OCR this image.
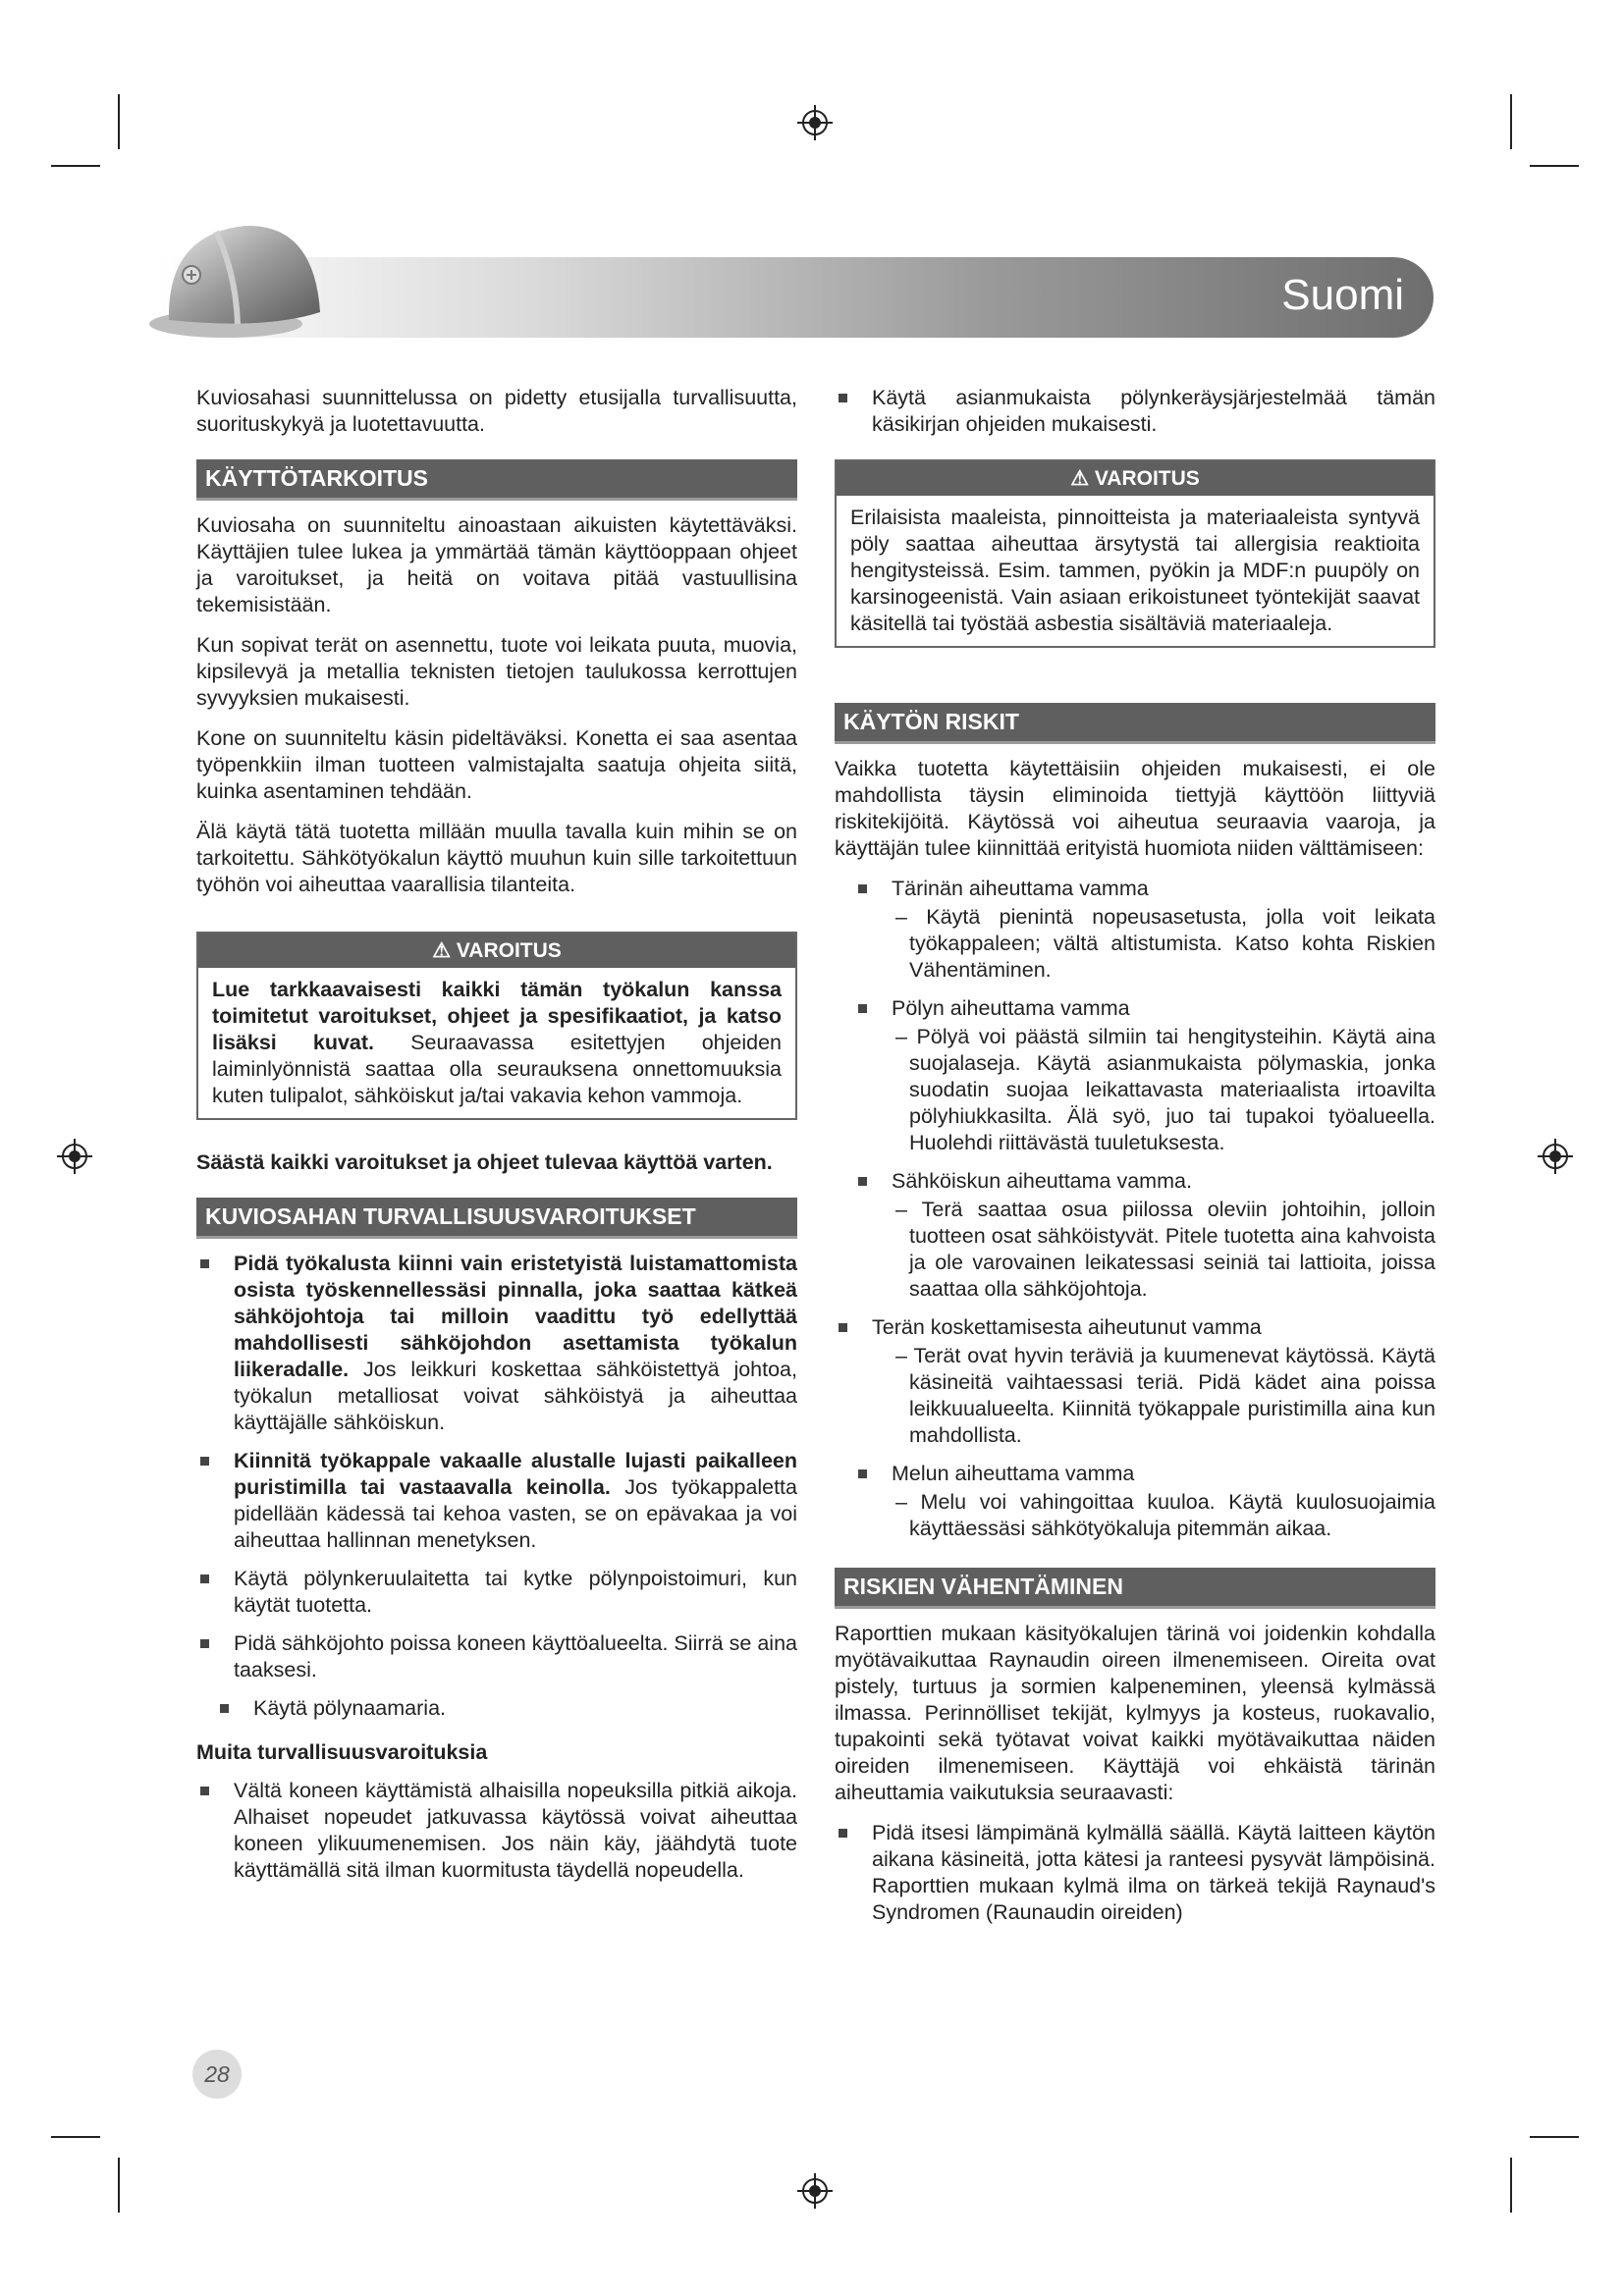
Suomi

Kuviosahasi suunnittelussa on pidetty etusijalla turvallisuutta, suorituskykyä ja luotettavuutta.

KÄYTTÖTARKOITUS

Kuviosaha on suunniteltu ainoastaan aikuisten käytettäväksi. Käyttäjien tulee lukea ja ymmärtää tämän käyttöoppaan ohjeet ja varoitukset, ja heitä on voitava pitää vastuullisina tekemisistään.

Kun sopivat terät on asennettu, tuote voi leikata puuta, muovia, kipsilevyä ja metallia teknisten tietojen taulukossa kerrottujen syvyyksien mukaisesti.

Kone on suunniteltu käsin pideltäväksi. Konetta ei saa asentaa työpenkkiin ilman tuotteen valmistajalta saatuja ohjeita siitä, kuinka asentaminen tehdään.

Älä käytä tätä tuotetta millään muulla tavalla kuin mihin se on tarkoitettu. Sähkötyökalun käyttö muuhun kuin sille tarkoitettuun työhön voi aiheuttaa vaarallisia tilanteita.

⚠ VAROITUS
Lue tarkkaavaisesti kaikki tämän työkalun kanssa toimitetut varoitukset, ohjeet ja spesifikaatiot, ja katso lisäksi kuvat. Seuraavassa esitettyjen ohjeiden laiminlyönnistä saattaa olla seurauksena onnettomuuksia kuten tulipalot, sähköiskut ja/tai vakavia kehon vammoja.

Säästä kaikki varoitukset ja ohjeet tulevaa käyttöä varten.

KUVIOSAHAN TURVALLISUUSVAROITUKSET
Pidä työkalusta kiinni vain eristetyistä luistamattomista osista työskennellessäsi pinnalla, joka saattaa kätkeä sähköjohtoja tai milloin vaadittu työ edellyttää mahdollisesti sähköjohdon asettamista työkalun liikeradalle. Jos leikkuri koskettaa sähköistettyä johtoa, työkalun metalliosat voivat sähköistyä ja aiheuttaa käyttäjälle sähköiskun.
Kiinnitä työkappale vakaalle alustalle lujasti paikalleen puristimilla tai vastaavalla keinolla. Jos työkappaletta pidellään kädessä tai kehoa vasten, se on epävakaa ja voi aiheuttaa hallinnan menetyksen.
Käytä pölynkeruulaitetta tai kytke pölynpoistoimuri, kun käytät tuotetta.
Pidä sähköjohto poissa koneen käyttöalueelta. Siirrä se aina taaksesi.
Käytä pölynaamaria.
Muita turvallisuusvaroituksia
Vältä koneen käyttämistä alhaisilla nopeuksilla pitkiä aikoja. Alhaiset nopeudet jatkuvassa käytössä voivat aiheuttaa koneen ylikuumenemisen. Jos näin käy, jäähdytä tuote käyttämällä sitä ilman kuormitusta täydellä nopeudella.
Käytä asianmukaista pölynkeräysjärjestelmää tämän käsikirjan ohjeiden mukaisesti.
⚠ VAROITUS
Erilaisista maaleista, pinnoitteista ja materiaaleista syntyvä pöly saattaa aiheuttaa ärsytystä tai allergisia reaktioita hengitysteissä. Esim. tammen, pyökin ja MDF:n puupöly on karsinogeenistä. Vain asiaan erikoistuneet työntekijät saavat käsitellä tai työstää asbestia sisältäviä materiaaleja.
KÄYTÖN RISKIT

Vaikka tuotetta käytettäisiin ohjeiden mukaisesti, ei ole mahdollista täysin eliminoida tiettyjä käyttöön liittyviä riskitekijöitä. Käytössä voi aiheutua seuraavia vaaroja, ja käyttäjän tulee kiinnittää erityistä huomiota niiden välttämiseen:

Tärinän aiheuttama vamma
– Käytä pienintä nopeusasetusta, jolla voit leikata työkappaleen; vältä altistumista. Katso kohta Riskien Vähentäminen.
Pölyn aiheuttama vamma
– Pölyä voi päästä silmiin tai hengitysteihin. Käytä aina suojalaseja. Käytä asianmukaista pölymaskia, jonka suodatin suojaa leikattavasta materiaalista irtoavilta pölyhiukkasilta. Älä syö, juo tai tupakoi työalueella. Huolehdi riittävästä tuuletuksesta.
Sähköiskun aiheuttama vamma.
– Terä saattaa osua piilossa oleviin johtoihin, jolloin tuotteen osat sähköistyvät. Pitele tuotetta aina kahvoista ja ole varovainen leikatessasi seiniä tai lattioita, joissa saattaa olla sähköjohtoja.
Terän koskettamisesta aiheutunut vamma
– Terät ovat hyvin teräviä ja kuumenevat käytössä. Käytä käsineitä vaihtaessasi teriä. Pidä kädet aina poissa leikkuualueelta. Kiinnitä työkappale puristimilla aina kun mahdollista.
Melun aiheuttama vamma
– Melu voi vahingoittaa kuuloa. Käytä kuulosuojaimia käyttäessäsi sähkötyökaluja pitemmän aikaa.
RISKIEN VÄHENTÄMINEN

Raporttien mukaan käsityökalujen tärinä voi joidenkin kohdalla myötävaikuttaa Raynaudin oireen ilmenemiseen. Oireita ovat pistely, turtuus ja sormien kalpeneminen, yleensä kylmässä ilmassa. Perinnölliset tekijät, kylmyys ja kosteus, ruokavalio, tupakointi sekä työtavat voivat kaikki myötävaikuttaa näiden oireiden ilmenemiseen. Käyttäjä voi ehkäistä tärinän aiheuttamia vaikutuksia seuraavasti:

Pidä itsesi lämpimänä kylmällä säällä. Käytä laitteen käytön aikana käsineitä, jotta kätesi ja ranteesi pysyvät lämpöisinä. Raporttien mukaan kylmä ilma on tärkeä tekijä Raynaud's Syndromen (Raunaudin oireiden)
28
